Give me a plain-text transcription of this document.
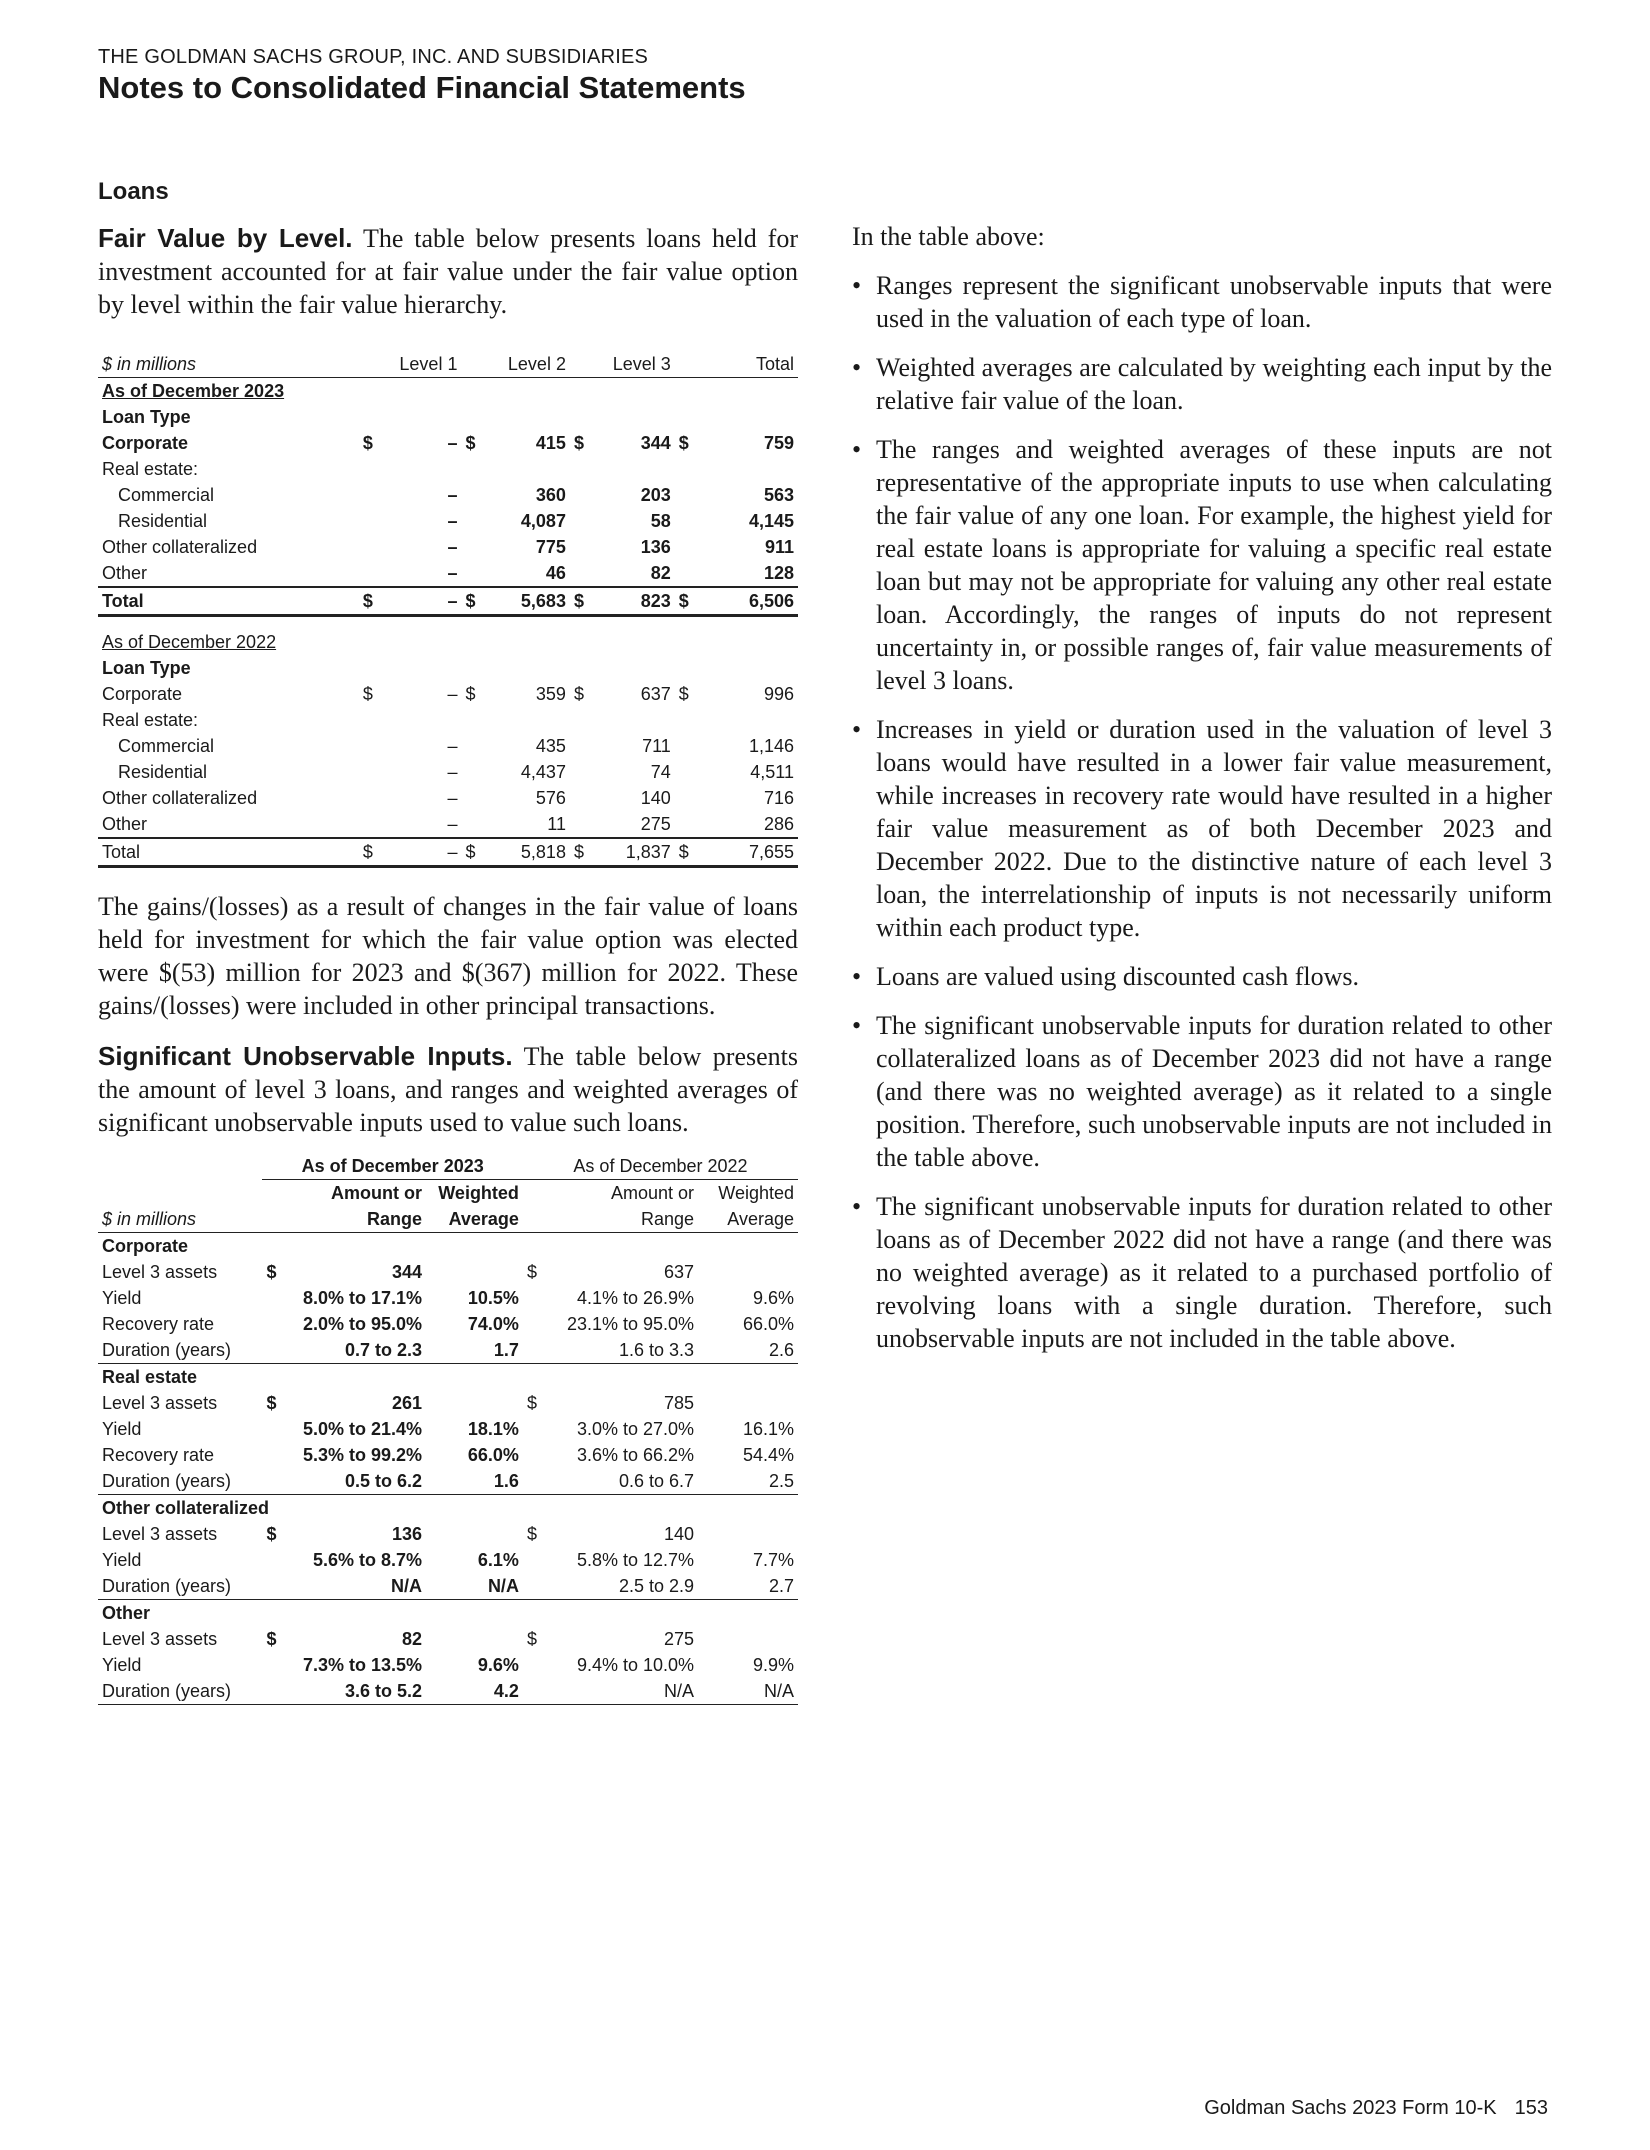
THE GOLDMAN SACHS GROUP, INC. AND SUBSIDIARIES
Notes to Consolidated Financial Statements
Loans

Fair Value by Level. The table below presents loans held for investment accounted for at fair value under the fair value option by level within the fair value hierarchy.

$ in millions	Level 1		Level 2		Level 3		Total	
As of December 2023								
Loan Type								
Corporate	$	–	$	415	$	344	$	759
Real estate:								
Commercial		–		360		203		563
Residential		–		4,087		58		4,145
Other collateralized		–		775		136		911
Other		–		46		82		128
Total	$	–	$	5,683	$	823	$	6,506

As of December 2022								
Loan Type								
Corporate	$	–	$	359	$	637	$	996
Real estate:								
Commercial		–		435		711		1,146
Residential		–		4,437		74		4,511
Other collateralized		–		576		140		716
Other		–		11		275		286
Total	$	–	$	5,818	$	1,837	$	7,655

The gains/(losses) as a result of changes in the fair value of loans held for investment for which the fair value option was elected were $(53) million for 2023 and $(367) million for 2022. These gains/(losses) were included in other principal transactions.

Significant Unobservable Inputs. The table below presents the amount of level 3 loans, and ranges and weighted averages of significant unobservable inputs used to value such loans.

	As of December 2023			As of December 2022		
		Amount or	Weighted		Amount or	Weighted
$ in millions		Range	Average		Range	Average
Corporate						
Level 3 assets	$	344		$	637	
Yield		8.0% to 17.1%	10.5%		4.1% to 26.9%	9.6%
Recovery rate		2.0% to 95.0%	74.0%		23.1% to 95.0%	66.0%
Duration (years)		0.7 to 2.3	1.7		1.6 to 3.3	2.6
Real estate						
Level 3 assets	$	261		$	785	
Yield		5.0% to 21.4%	18.1%		3.0% to 27.0%	16.1%
Recovery rate		5.3% to 99.2%	66.0%		3.6% to 66.2%	54.4%
Duration (years)		0.5 to 6.2	1.6		0.6 to 6.7	2.5
Other collateralized						
Level 3 assets	$	136		$	140	
Yield		5.6% to 8.7%	6.1%		5.8% to 12.7%	7.7%
Duration (years)		N/A	N/A		2.5 to 2.9	2.7
Other						
Level 3 assets	$	82		$	275	
Yield		7.3% to 13.5%	9.6%		9.4% to 10.0%	9.9%
Duration (years)		3.6 to 5.2	4.2		N/A	N/A

In the table above:

• Ranges represent the significant unobservable inputs that were used in the valuation of each type of loan.
• Weighted averages are calculated by weighting each input by the relative fair value of the loan.
• The ranges and weighted averages of these inputs are not representative of the appropriate inputs to use when calculating the fair value of any one loan. For example, the highest yield for real estate loans is appropriate for valuing a specific real estate loan but may not be appropriate for valuing any other real estate loan. Accordingly, the ranges of inputs do not represent uncertainty in, or possible ranges of, fair value measurements of level 3 loans.
• Increases in yield or duration used in the valuation of level 3 loans would have resulted in a lower fair value measurement, while increases in recovery rate would have resulted in a higher fair value measurement as of both December 2023 and December 2022. Due to the distinctive nature of each level 3 loan, the interrelationship of inputs is not necessarily uniform within each product type.
• Loans are valued using discounted cash flows.
• The significant unobservable inputs for duration related to other collateralized loans as of December 2023 did not have a range (and there was no weighted average) as it related to a single position. Therefore, such unobservable inputs are not included in the table above.
• The significant unobservable inputs for duration related to other loans as of December 2022 did not have a range (and there was no weighted average) as it related to a purchased portfolio of revolving loans with a single duration. Therefore, such unobservable inputs are not included in the table above.
Goldman Sachs 2023 Form 10-K 153
